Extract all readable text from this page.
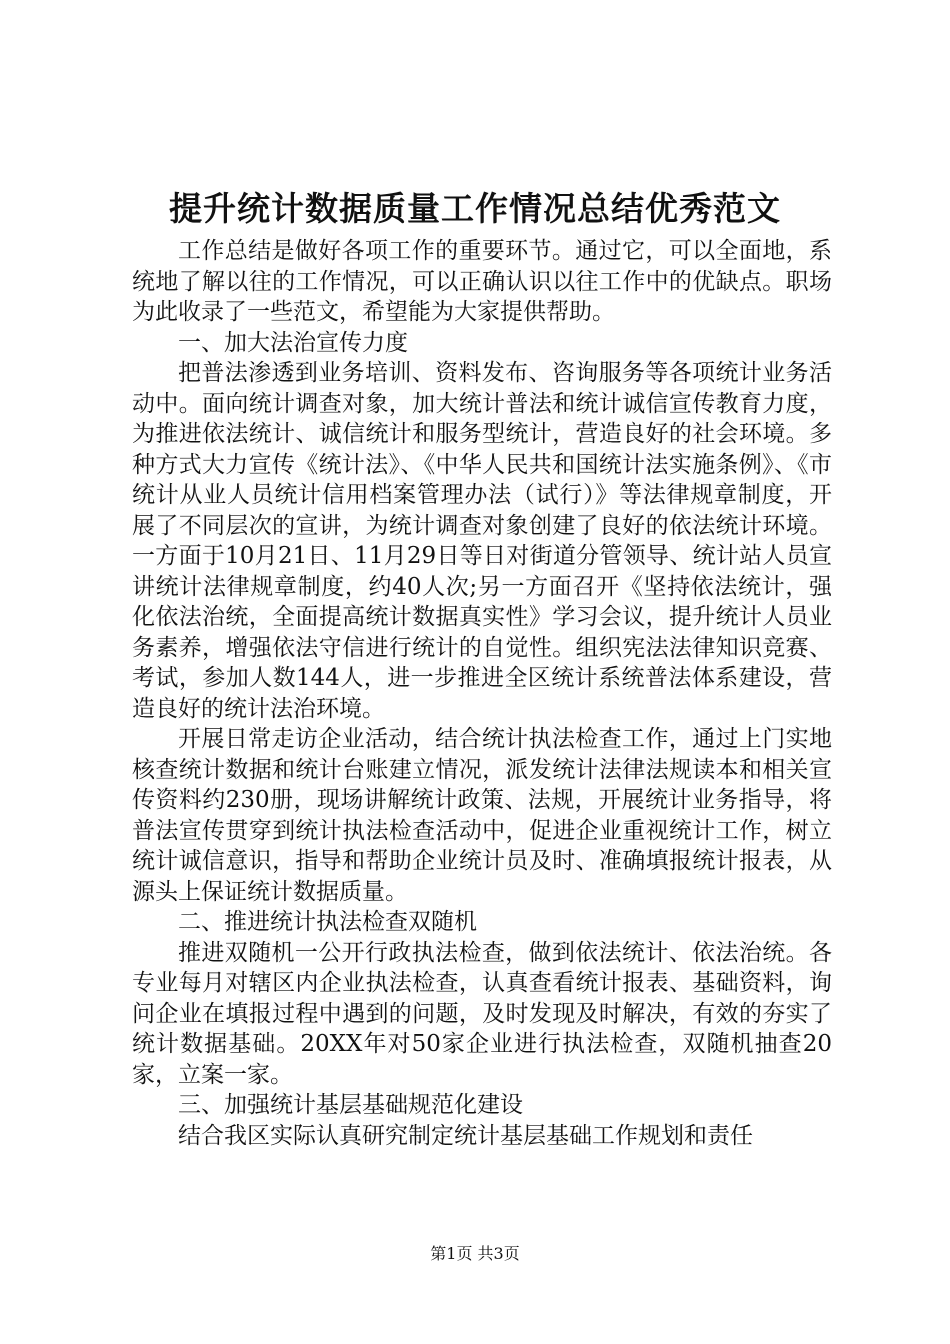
提升统计数据质量工作情况总结优秀范文

工作总结是做好各项工作的重要环节。通过它，可以全面地，系统地了解以往的工作情况，可以正确认识以往工作中的优缺点。职场为此收录了一些范文，希望能为大家提供帮助。

一、加大法治宣传力度

把普法渗透到业务培训、资料发布、咨询服务等各项统计业务活动中。面向统计调查对象，加大统计普法和统计诚信宣传教育力度，为推进依法统计、诚信统计和服务型统计，营造良好的社会环境。多种方式大力宣传《统计法》、《中华人民共和国统计法实施条例》、《市统计从业人员统计信用档案管理办法（试行）》等法律规章制度，开展了不同层次的宣讲，为统计调查对象创建了良好的依法统计环境。一方面于10月21日、11月29日等日对街道分管领导、统计站人员宣讲统计法律规章制度，约40人次;另一方面召开《坚持依法统计，强化依法治统，全面提高统计数据真实性》学习会议，提升统计人员业务素养，增强依法守信进行统计的自觉性。组织宪法法律知识竞赛、考试，参加人数144人，进一步推进全区统计系统普法体系建设，营造良好的统计法治环境。

开展日常走访企业活动，结合统计执法检查工作，通过上门实地核查统计数据和统计台账建立情况，派发统计法律法规读本和相关宣传资料约230册，现场讲解统计政策、法规，开展统计业务指导，将普法宣传贯穿到统计执法检查活动中，促进企业重视统计工作，树立统计诚信意识，指导和帮助企业统计员及时、准确填报统计报表，从源头上保证统计数据质量。

二、推进统计执法检查双随机

推进双随机一公开行政执法检查，做到依法统计、依法治统。各专业每月对辖区内企业执法检查，认真查看统计报表、基础资料，询问企业在填报过程中遇到的问题，及时发现及时解决，有效的夯实了统计数据基础。20XX年对50家企业进行执法检查，双随机抽查20家，立案一家。

三、加强统计基层基础规范化建设

结合我区实际认真研究制定统计基层基础工作规划和责任

第1页 共3页
